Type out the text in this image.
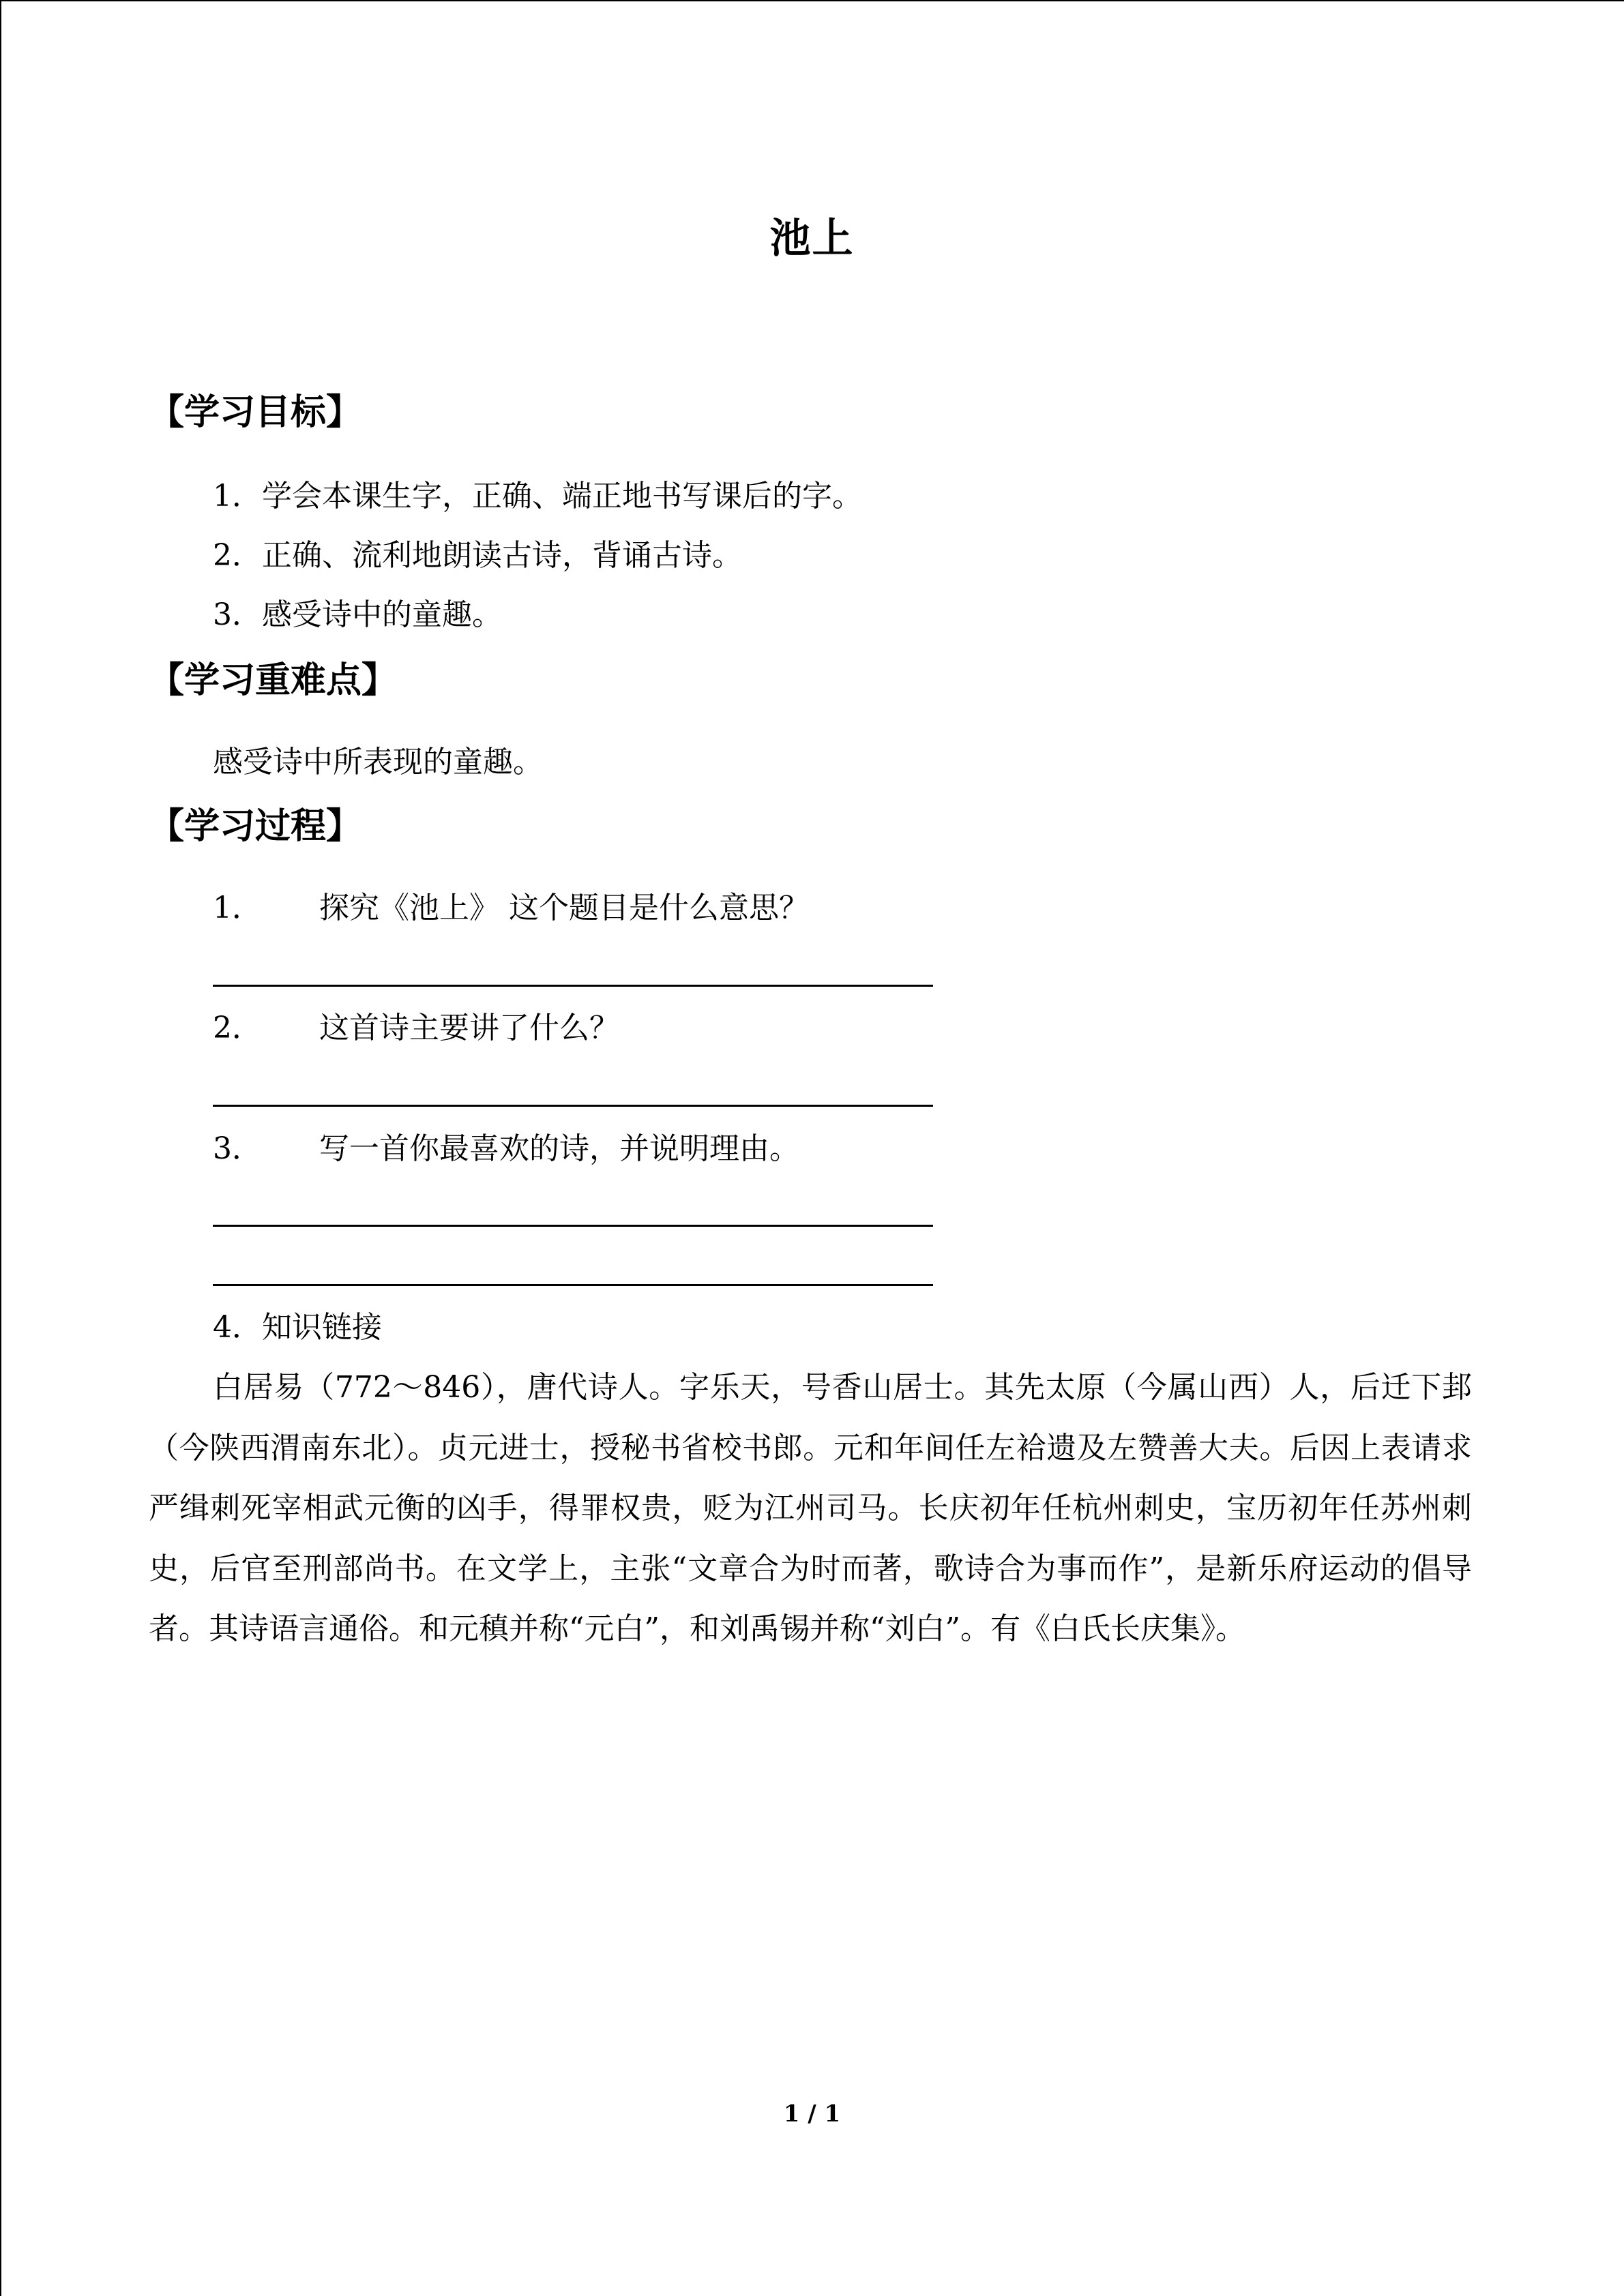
池上
【学习目标】
1．学会本课生字，正确、端正地书写课后的字。
2．正确、流利地朗读古诗，背诵古诗。
3．感受诗中的童趣。
【学习重难点】
感受诗中所表现的童趣。
【学习过程】
1． 探究《池上》 这个题目是什么意思？
2． 这首诗主要讲了什么？
3． 写一首你最喜欢的诗，并说明理由。
4．知识链接
白居易（772～846），唐代诗人。字乐天，号香山居士。其先太原（今属山西）人，后迁下邽（今陕西渭南东北）。贞元进士，授秘书省校书郎。元和年间任左袷遗及左赞善大夫。后因上表请求严缉刺死宰相武元衡的凶手，得罪权贵，贬为江州司马。长庆初年任杭州刺史，宝历初年任苏州刺史，后官至刑部尚书。在文学上，主张“文章合为时而著，歌诗合为事而作”，是新乐府运动的倡导者。其诗语言通俗。和元稹并称“元白”，和刘禹锡并称“刘白”。有《白氏长庆集》。
1 / 1
